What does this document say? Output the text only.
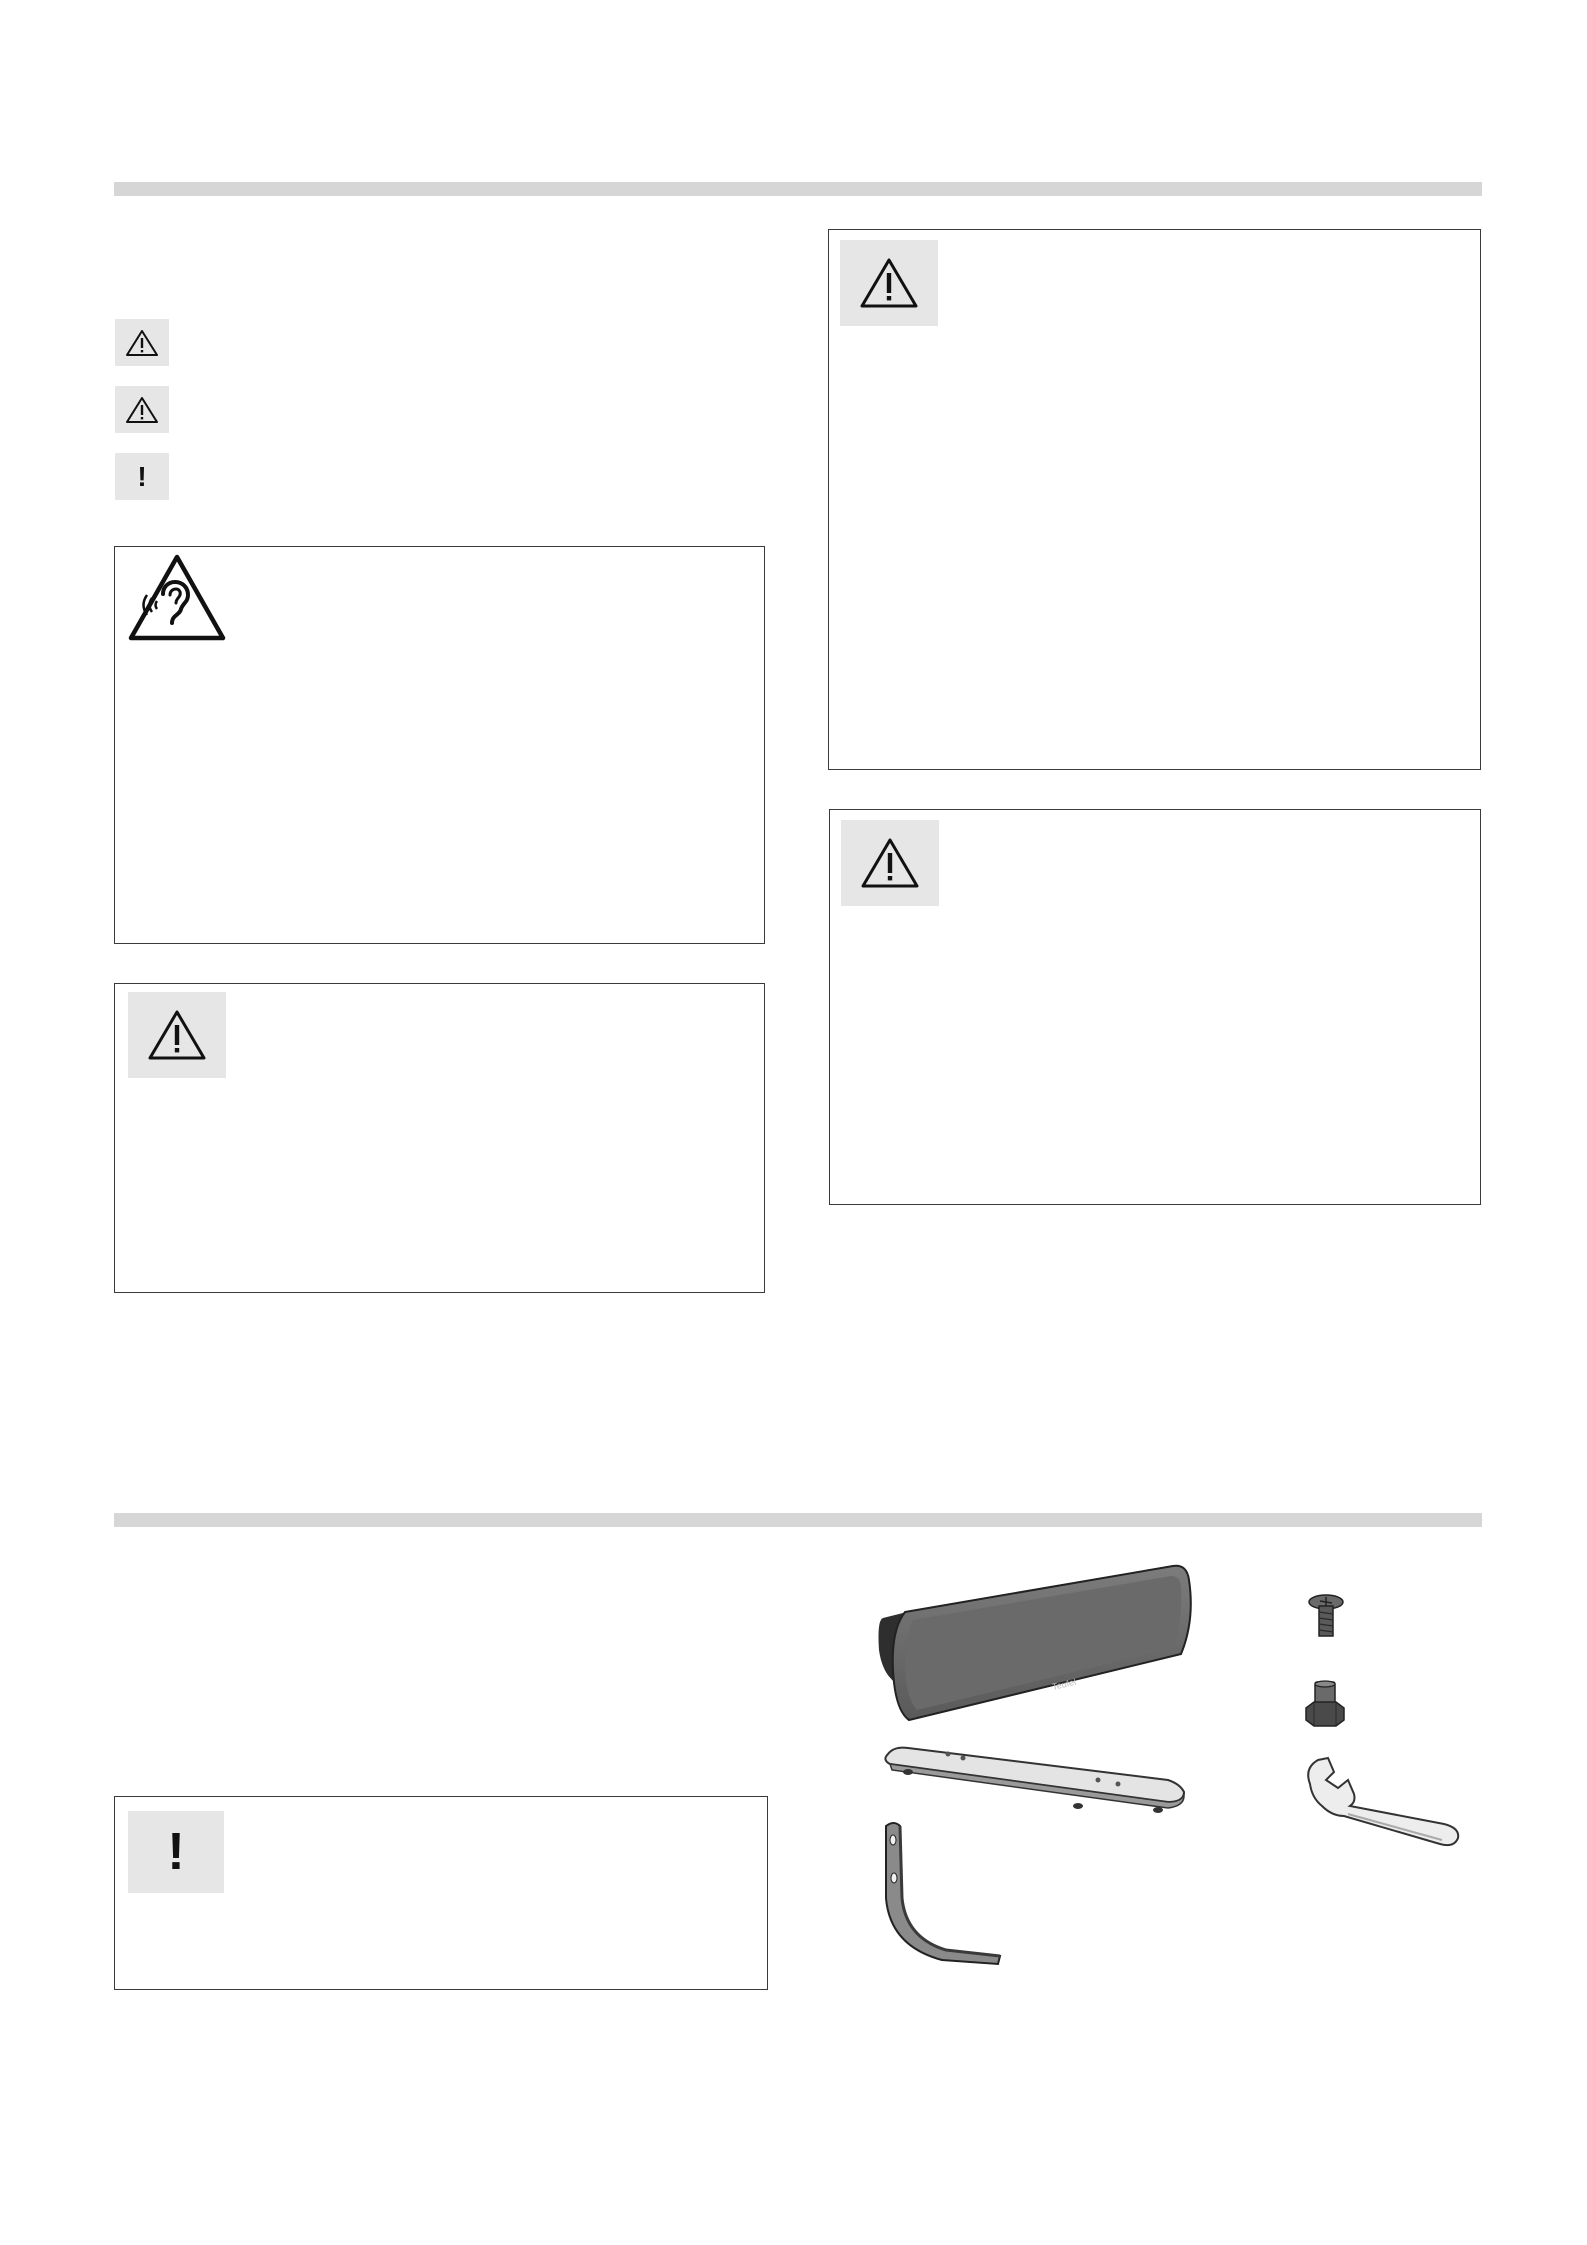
!
!
Teufel
